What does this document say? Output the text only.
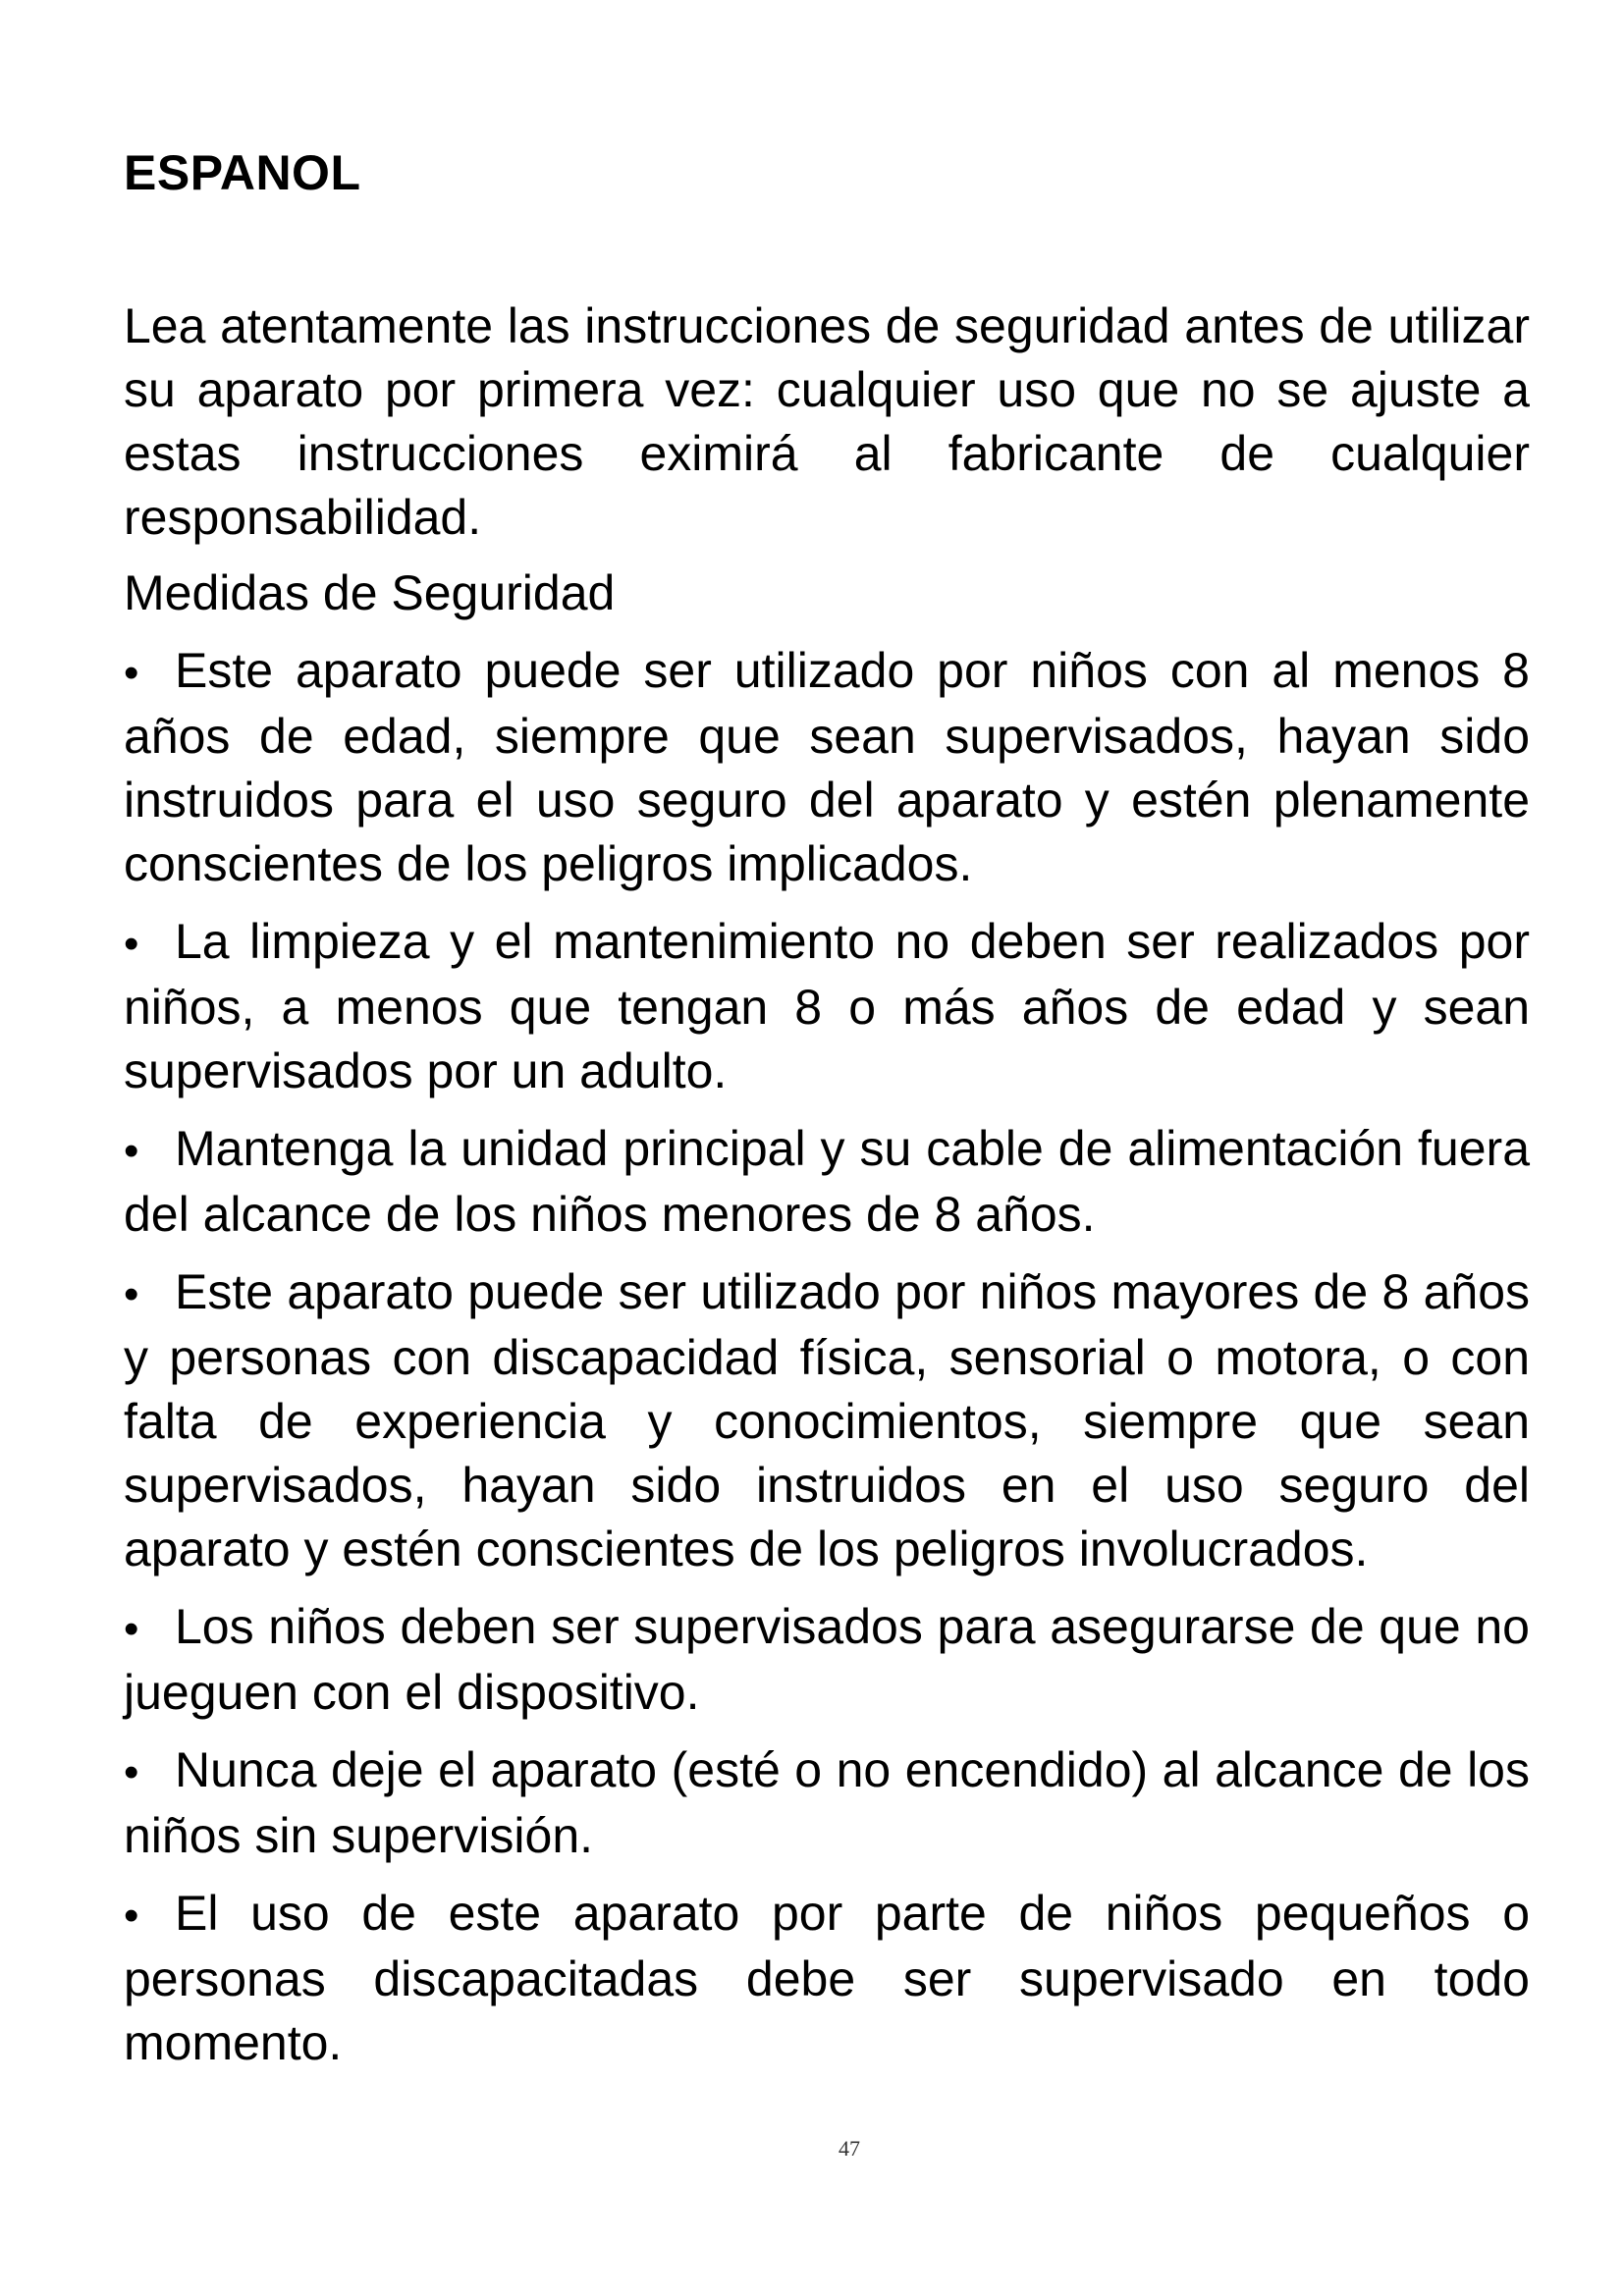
ESPANOL

Lea atentamente las instrucciones de seguridad antes de utilizar su aparato por primera vez: cualquier uso que no se ajuste a estas instrucciones eximirá al fabricante de cualquier responsabilidad.

Medidas de Seguridad

• Este aparato puede ser utilizado por niños con al menos 8 años de edad, siempre que sean supervisados, hayan sido instruidos para el uso seguro del aparato y estén plenamente conscientes de los peligros implicados.

• La limpieza y el mantenimiento no deben ser realizados por niños, a menos que tengan 8 o más años de edad y sean supervisados por un adulto.

• Mantenga la unidad principal y su cable de alimentación fuera del alcance de los niños menores de 8 años.

• Este aparato puede ser utilizado por niños mayores de 8 años y personas con discapacidad física, sensorial o motora, o con falta de experiencia y conocimientos, siempre que sean supervisados, hayan sido instruidos en el uso seguro del aparato y estén conscientes de los peligros involucrados.

• Los niños deben ser supervisados para asegurarse de que no jueguen con el dispositivo.

• Nunca deje el aparato (esté o no encendido) al alcance de los niños sin supervisión.

• El uso de este aparato por parte de niños pequeños o personas discapacitadas debe ser supervisado en todo momento.

47
